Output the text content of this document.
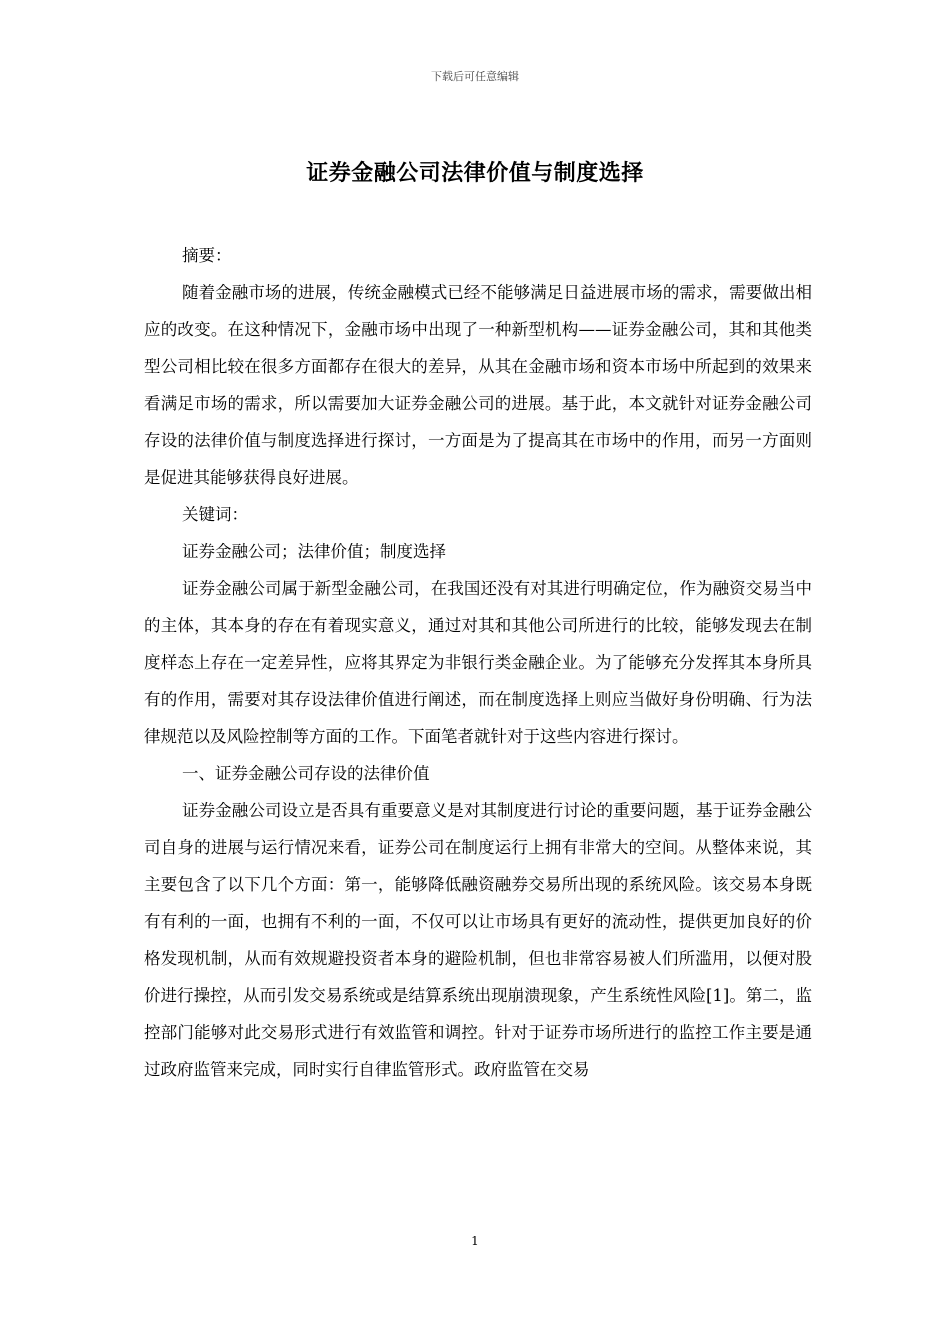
下载后可任意编辑
证券金融公司法律价值与制度选择

摘要：

随着金融市场的进展，传统金融模式已经不能够满足日益进展市场的需求，需要做出相应的改变。在这种情况下，金融市场中出现了一种新型机构——证券金融公司，其和其他类型公司相比较在很多方面都存在很大的差异，从其在金融市场和资本市场中所起到的效果来看满足市场的需求，所以需要加大证券金融公司的进展。基于此，本文就针对证券金融公司存设的法律价值与制度选择进行探讨，一方面是为了提高其在市场中的作用，而另一方面则是促进其能够获得良好进展。

关键词：

证券金融公司；法律价值；制度选择

证券金融公司属于新型金融公司，在我国还没有对其进行明确定位，作为融资交易当中的主体，其本身的存在有着现实意义，通过对其和其他公司所进行的比较，能够发现去在制度样态上存在一定差异性，应将其界定为非银行类金融企业。为了能够充分发挥其本身所具有的作用，需要对其存设法律价值进行阐述，而在制度选择上则应当做好身份明确、行为法律规范以及风险控制等方面的工作。下面笔者就针对于这些内容进行探讨。

一、证券金融公司存设的法律价值

证券金融公司设立是否具有重要意义是对其制度进行讨论的重要问题，基于证券金融公司自身的进展与运行情况来看，证券公司在制度运行上拥有非常大的空间。从整体来说，其主要包含了以下几个方面：第一，能够降低融资融券交易所出现的系统风险。该交易本身既有有利的一面，也拥有不利的一面，不仅可以让市场具有更好的流动性，提供更加良好的价格发现机制，从而有效规避投资者本身的避险机制，但也非常容易被人们所滥用，以便对股价进行操控，从而引发交易系统或是结算系统出现崩溃现象，产生系统性风险[1]。第二，监控部门能够对此交易形式进行有效监管和调控。针对于证券市场所进行的监控工作主要是通过政府监管来完成，同时实行自律监管形式。政府监管在交易

1
